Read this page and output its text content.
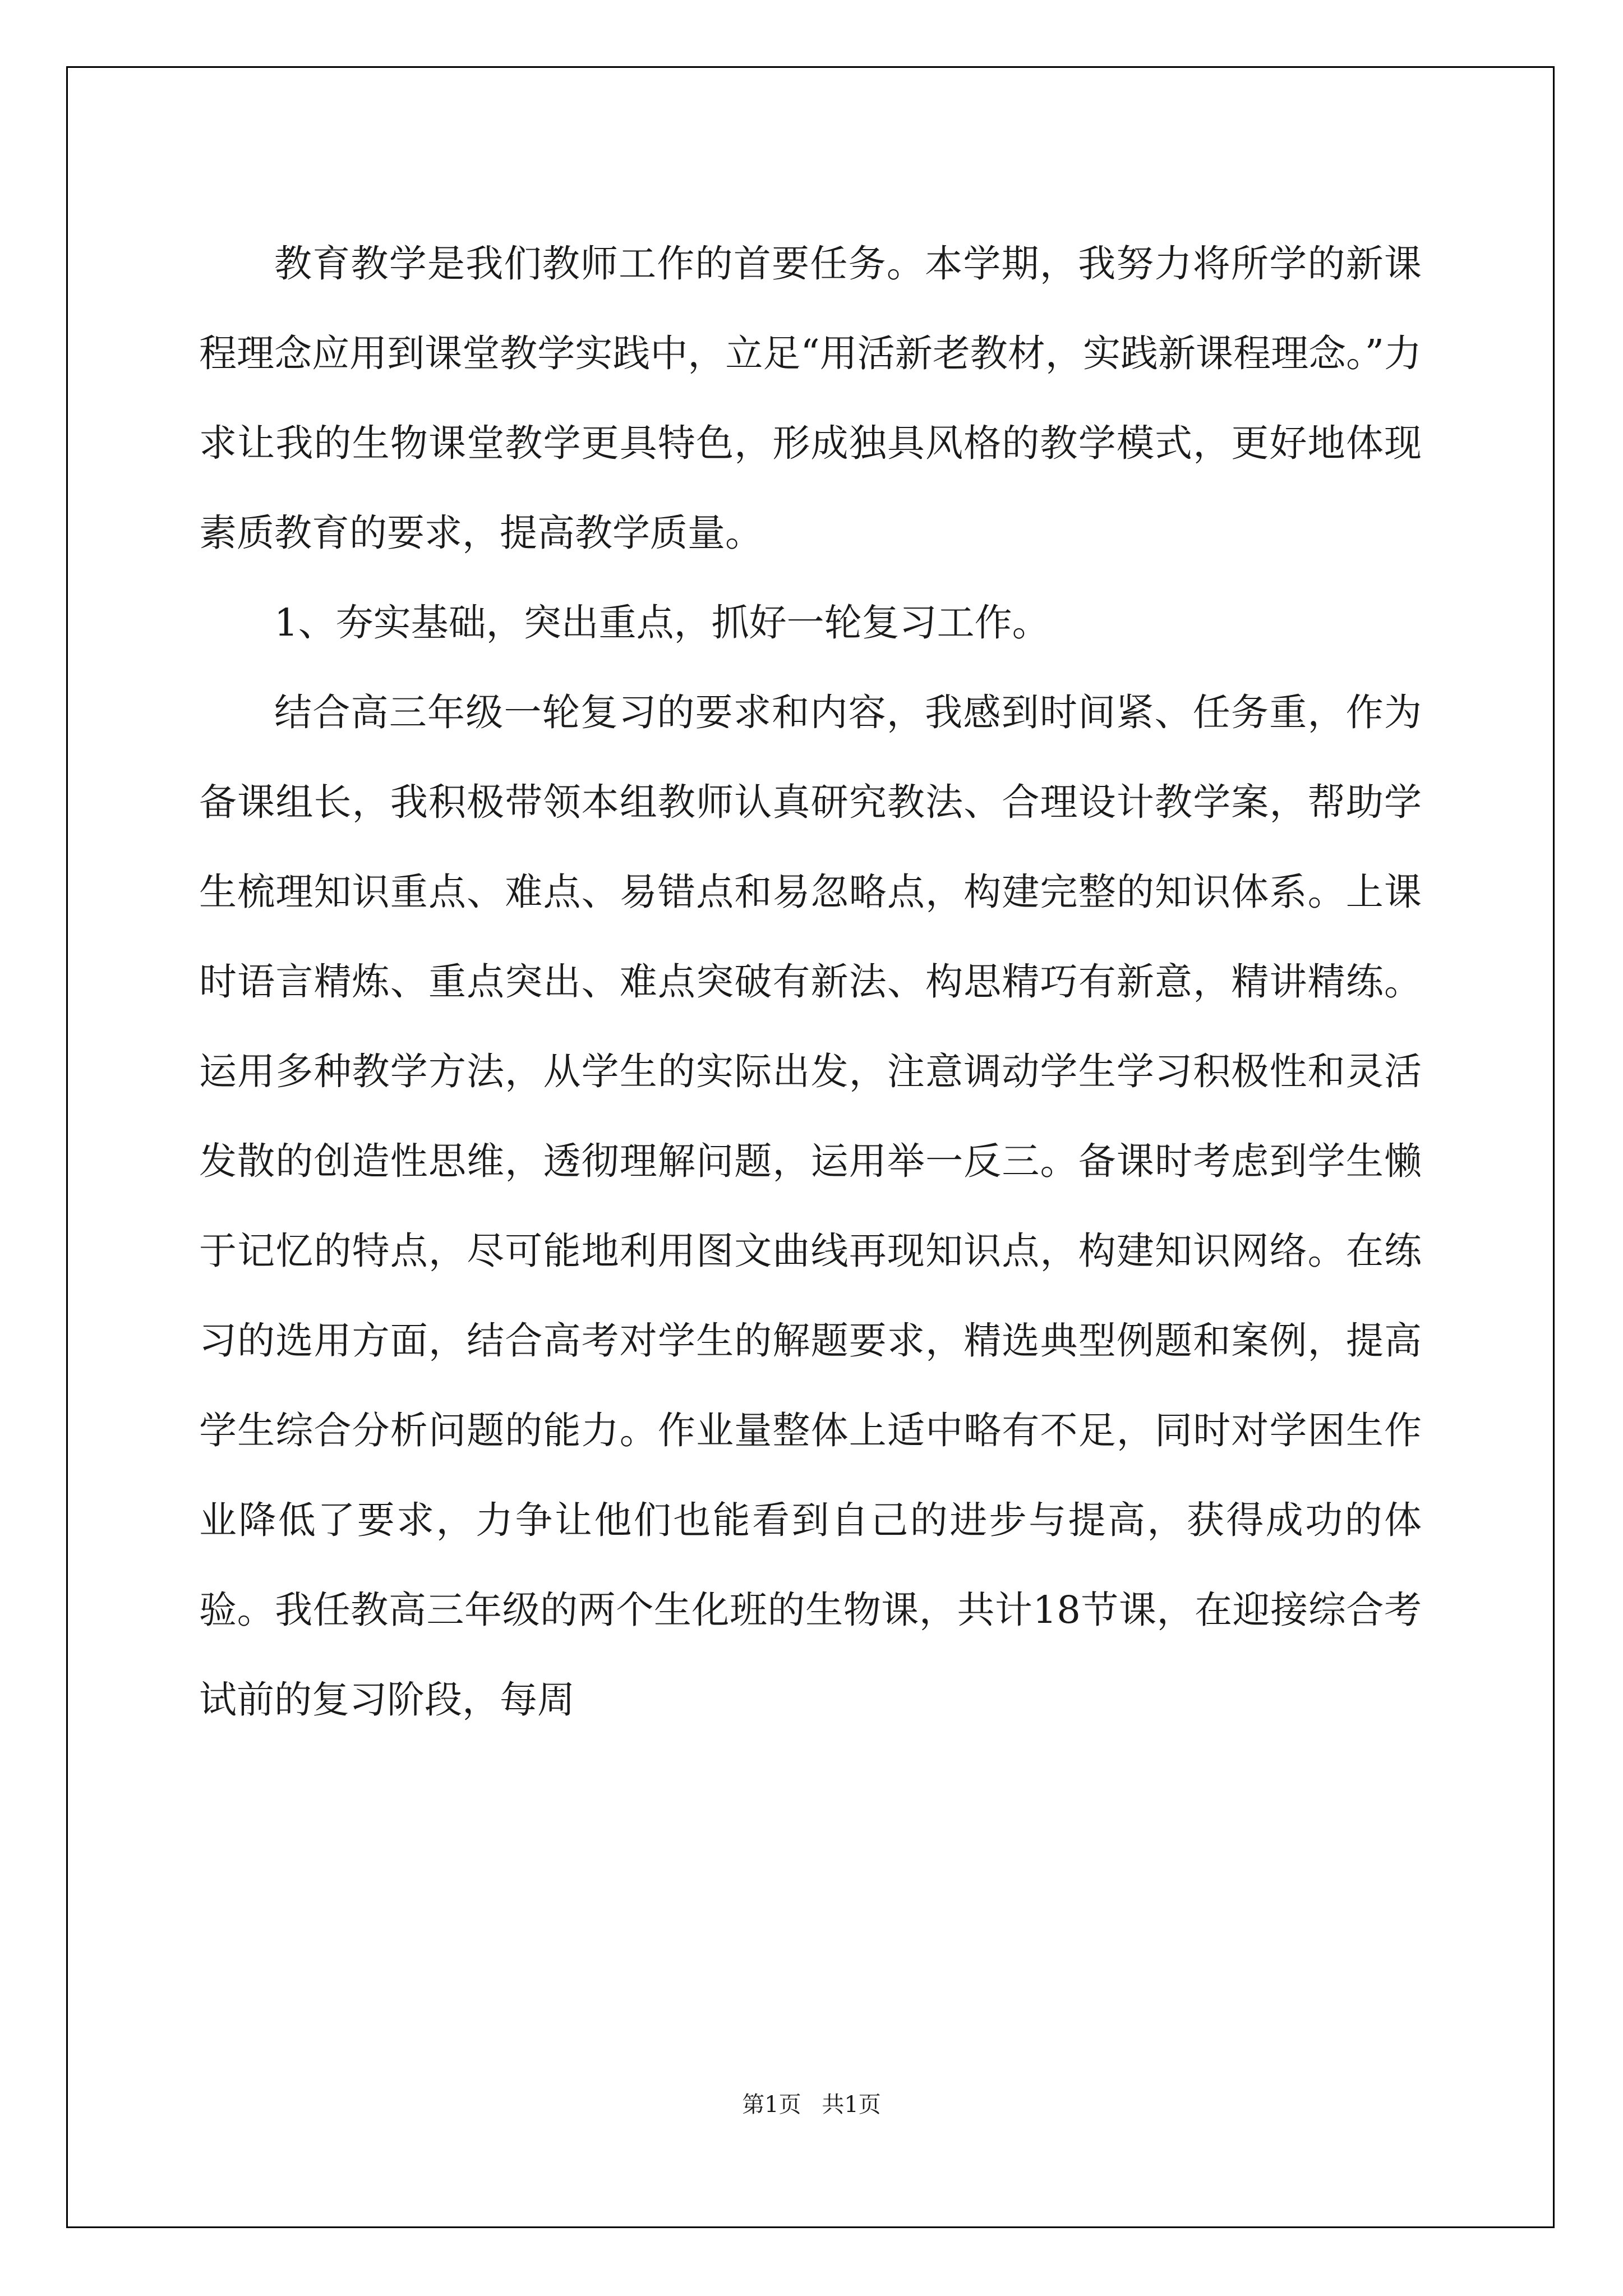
教育教学是我们教师工作的首要任务。本学期，我努力将所学的新课程理念应用到课堂教学实践中，立足“用活新老教材，实践新课程理念。”力求让我的生物课堂教学更具特色，形成独具风格的教学模式，更好地体现素质教育的要求，提高教学质量。

1、夯实基础，突出重点，抓好一轮复习工作。

结合高三年级一轮复习的要求和内容，我感到时间紧、任务重，作为备课组长，我积极带领本组教师认真研究教法、合理设计教学案，帮助学生梳理知识重点、难点、易错点和易忽略点，构建完整的知识体系。上课时语言精炼、重点突出、难点突破有新法、构思精巧有新意，精讲精练。运用多种教学方法，从学生的实际出发，注意调动学生学习积极性和灵活发散的创造性思维，透彻理解问题，运用举一反三。备课时考虑到学生懒于记忆的特点，尽可能地利用图文曲线再现知识点，构建知识网络。在练习的选用方面，结合高考对学生的解题要求，精选典型例题和案例，提高学生综合分析问题的能力。作业量整体上适中略有不足，同时对学困生作业降低了要求，力争让他们也能看到自己的进步与提高，获得成功的体验。我任教高三年级的两个生化班的生物课，共计18节课，在迎接综合考试前的复习阶段，每周

第1页 共1页
